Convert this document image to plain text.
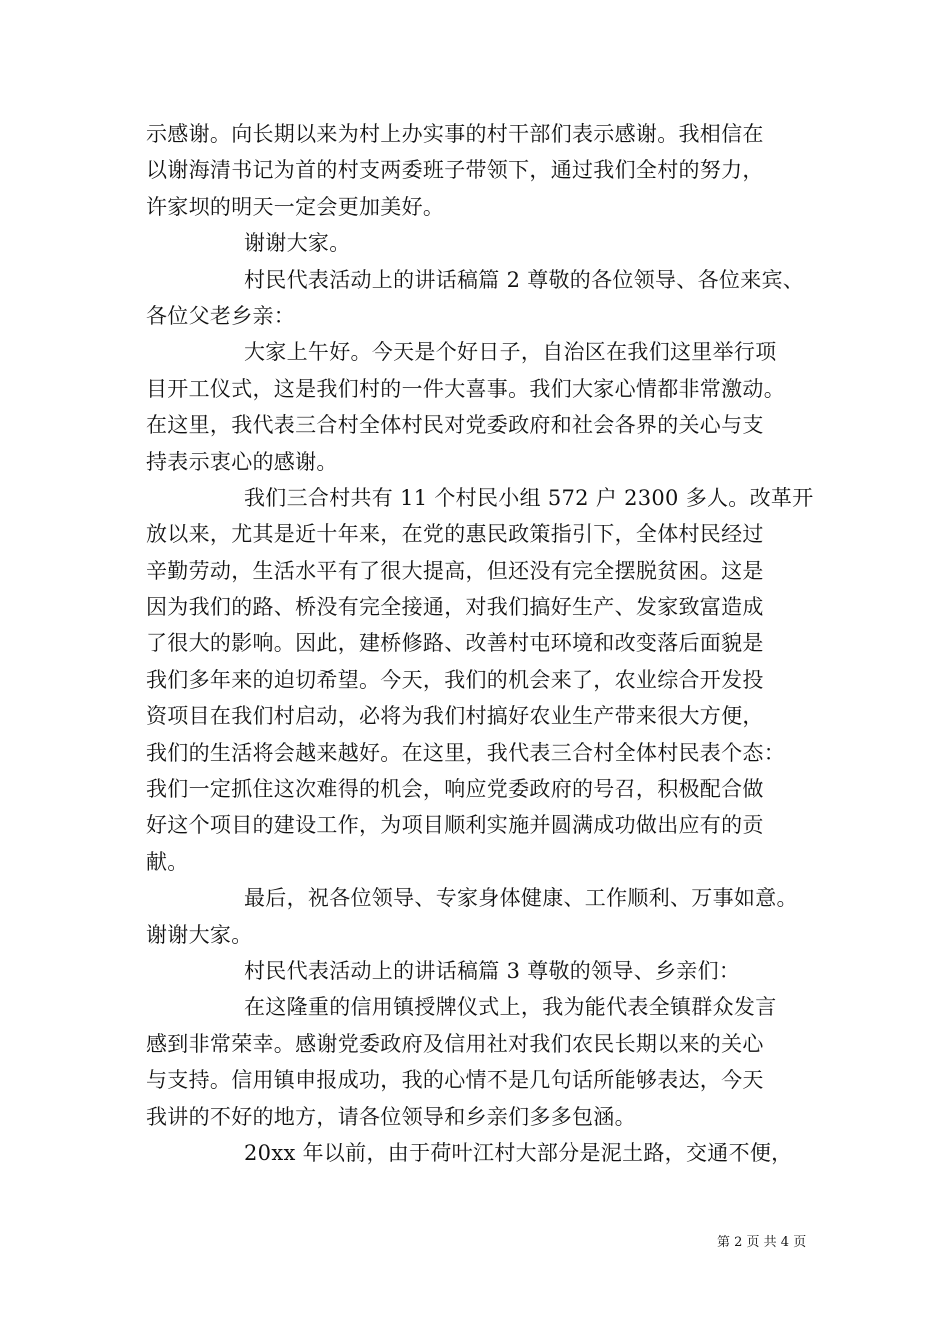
示感谢。向长期以来为村上办实事的村干部们表示感谢。我相信在
以谢海清书记为首的村支两委班子带领下，通过我们全村的努力，
许家坝的明天一定会更加美好。
谢谢大家。
村民代表活动上的讲话稿篇 2 尊敬的各位领导、各位来宾、
各位父老乡亲：
大家上午好。今天是个好日子，自治区在我们这里举行项
目开工仪式，这是我们村的一件大喜事。我们大家心情都非常激动。
在这里，我代表三合村全体村民对党委政府和社会各界的关心与支
持表示衷心的感谢。
我们三合村共有 11 个村民小组 572 户 2300 多人。改革开
放以来，尤其是近十年来，在党的惠民政策指引下，全体村民经过
辛勤劳动，生活水平有了很大提高，但还没有完全摆脱贫困。这是
因为我们的路、桥没有完全接通，对我们搞好生产、发家致富造成
了很大的影响。因此，建桥修路、改善村屯环境和改变落后面貌是
我们多年来的迫切希望。今天，我们的机会来了，农业综合开发投
资项目在我们村启动，必将为我们村搞好农业生产带来很大方便，
我们的生活将会越来越好。在这里，我代表三合村全体村民表个态：
我们一定抓住这次难得的机会，响应党委政府的号召，积极配合做
好这个项目的建设工作，为项目顺利实施并圆满成功做出应有的贡
献。
最后，祝各位领导、专家身体健康、工作顺利、万事如意。
谢谢大家。
村民代表活动上的讲话稿篇 3 尊敬的领导、乡亲们：
在这隆重的信用镇授牌仪式上，我为能代表全镇群众发言
感到非常荣幸。感谢党委政府及信用社对我们农民长期以来的关心
与支持。信用镇申报成功，我的心情不是几句话所能够表达，今天
我讲的不好的地方，请各位领导和乡亲们多多包涵。
20xx 年以前，由于荷叶江村大部分是泥土路，交通不便，
第 2 页 共 4 页
